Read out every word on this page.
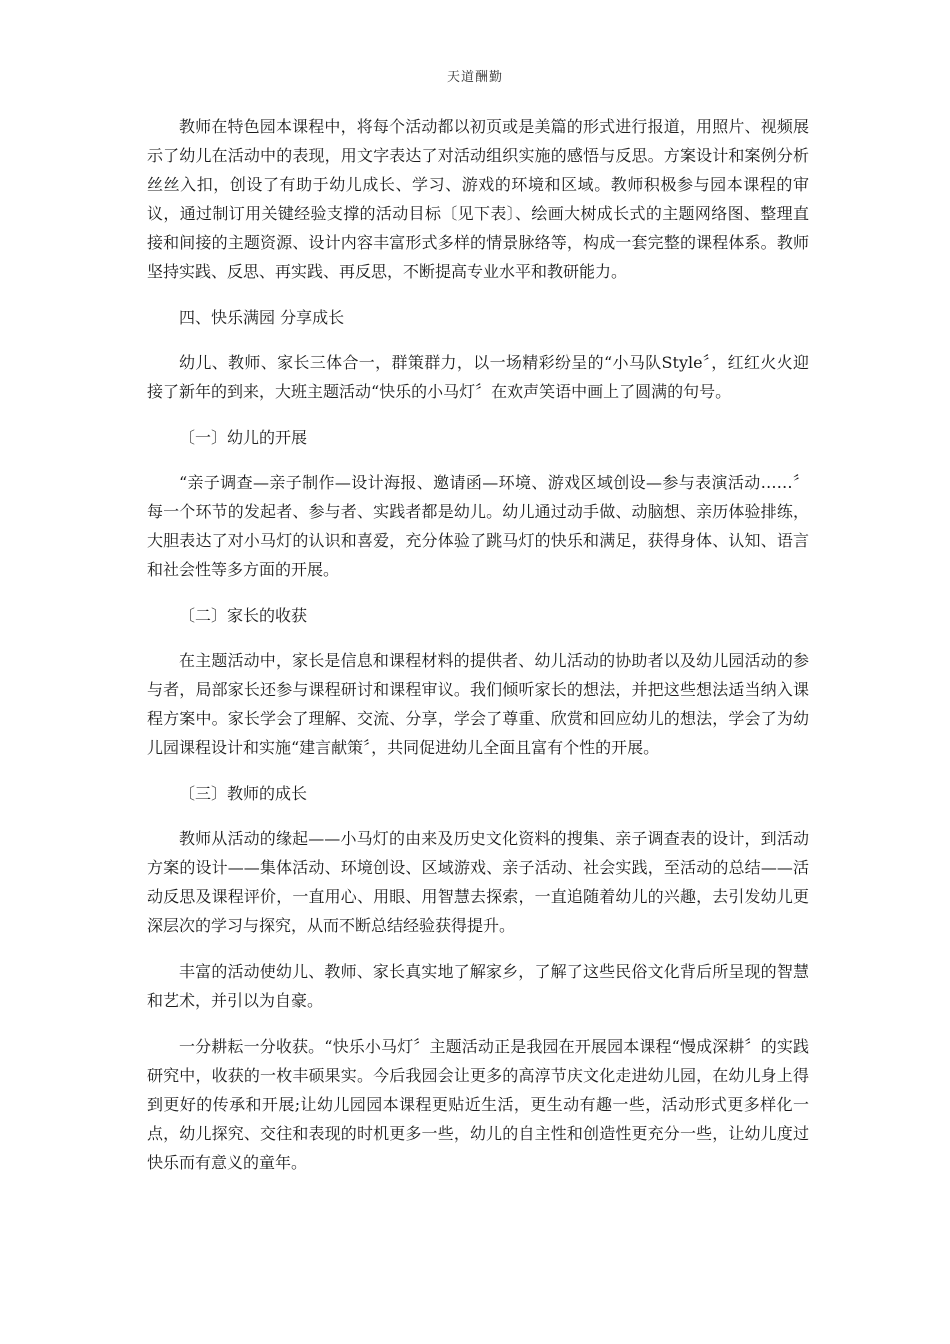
天道酬勤

教师在特色园本课程中，将每个活动都以初页或是美篇的形式进行报道，用照片、视频展示了幼儿在活动中的表现，用文字表达了对活动组织实施的感悟与反思。方案设计和案例分析丝丝入扣，创设了有助于幼儿成长、学习、游戏的环境和区域。教师积极参与园本课程的审议，通过制订用关键经验支撑的活动目标〔见下表〕、绘画大树成长式的主题网络图、整理直接和间接的主题资源、设计内容丰富形式多样的情景脉络等，构成一套完整的课程体系。教师坚持实践、反思、再实践、再反思，不断提高专业水平和教研能力。

四、快乐满园 分享成长

幼儿、教师、家长三体合一，群策群力，以一场精彩纷呈的“小马队Style〞，红红火火迎接了新年的到来，大班主题活动“快乐的小马灯〞在欢声笑语中画上了圆满的句号。

〔一〕幼儿的开展

“亲子调查—亲子制作—设计海报、邀请函—环境、游戏区域创设—参与表演活动……〞每一个环节的发起者、参与者、实践者都是幼儿。幼儿通过动手做、动脑想、亲历体验排练，大胆表达了对小马灯的认识和喜爱，充分体验了跳马灯的快乐和满足，获得身体、认知、语言和社会性等多方面的开展。

〔二〕家长的收获

在主题活动中，家长是信息和课程材料的提供者、幼儿活动的协助者以及幼儿园活动的参与者，局部家长还参与课程研讨和课程审议。我们倾听家长的想法，并把这些想法适当纳入课程方案中。家长学会了理解、交流、分享，学会了尊重、欣赏和回应幼儿的想法，学会了为幼儿园课程设计和实施“建言献策〞，共同促进幼儿全面且富有个性的开展。

〔三〕教师的成长

教师从活动的缘起——小马灯的由来及历史文化资料的搜集、亲子调查表的设计，到活动方案的设计——集体活动、环境创设、区域游戏、亲子活动、社会实践，至活动的总结——活动反思及课程评价，一直用心、用眼、用智慧去探索，一直追随着幼儿的兴趣，去引发幼儿更深层次的学习与探究，从而不断总结经验获得提升。

丰富的活动使幼儿、教师、家长真实地了解家乡，了解了这些民俗文化背后所呈现的智慧和艺术，并引以为自豪。

一分耕耘一分收获。“快乐小马灯〞主题活动正是我园在开展园本课程“慢成深耕〞的实践研究中，收获的一枚丰硕果实。今后我园会让更多的高淳节庆文化走进幼儿园，在幼儿身上得到更好的传承和开展;让幼儿园园本课程更贴近生活，更生动有趣一些，活动形式更多样化一点，幼儿探究、交往和表现的时机更多一些，幼儿的自主性和创造性更充分一些，让幼儿度过快乐而有意义的童年。
